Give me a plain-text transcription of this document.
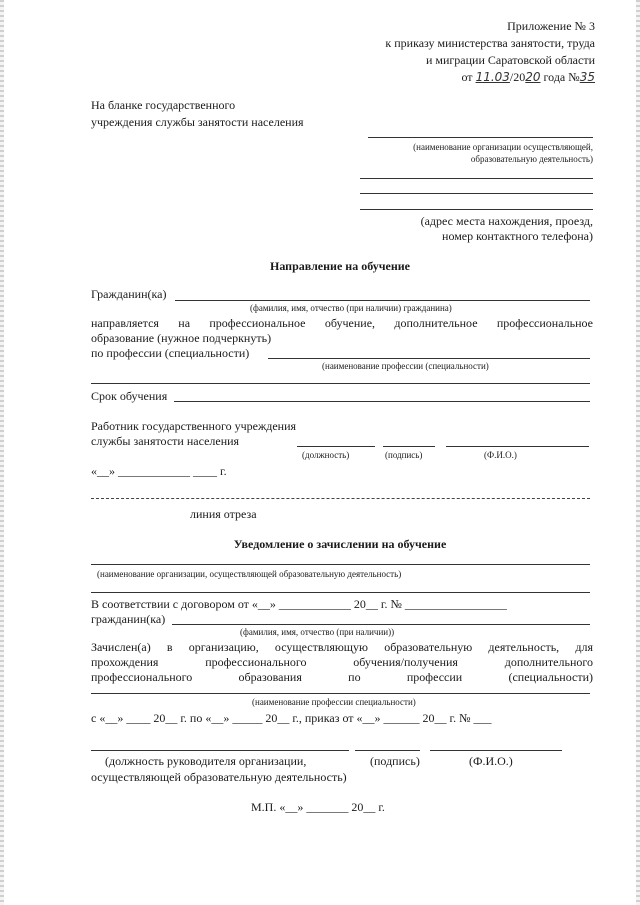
Приложение № 3
к приказу министерства занятости, труда
и миграции Саратовской области
от 11.03/2020 года №35
На бланке государственного
учреждения службы занятости населения
(наименование организации осуществляющей,
образовательную деятельность)
(адрес места нахождения, проезд,
номер контактного телефона)
Направление на обучение
Гражданин(ка)
(фамилия, имя, отчество (при наличии) гражданина)
направляется на профессиональное обучение, дополнительное профессиональное
образование (нужное подчеркнуть)
по профессии (специальности)
(наименование профессии (специальности)
Срок обучения
Работник государственного учреждения
службы занятости населения
(должность)	(подпись)	(Ф.И.О.)
«__» ____________ ____ г.
линия отреза
Уведомление о зачислении на обучение
(наименование организации, осуществляющей образовательную деятельность)
В соответствии с договором от «__» ____________ 20__ г. № _________________
гражданин(ка)
(фамилия, имя, отчество (при наличии))
Зачислен(а) в организацию, осуществляющую образовательную деятельность, для
прохождения профессионального обучения/получения дополнительного
профессионального образования по профессии (специальности)
(наименование профессии специальности)
с «__» ____ 20__ г. по «__» _____ 20__ г., приказ от «__» ______ 20__ г. № ___
(должность руководителя организации,	(подпись)	(Ф.И.О.)
осуществляющей образовательную деятельность)
М.П. «__» _______ 20__ г.
